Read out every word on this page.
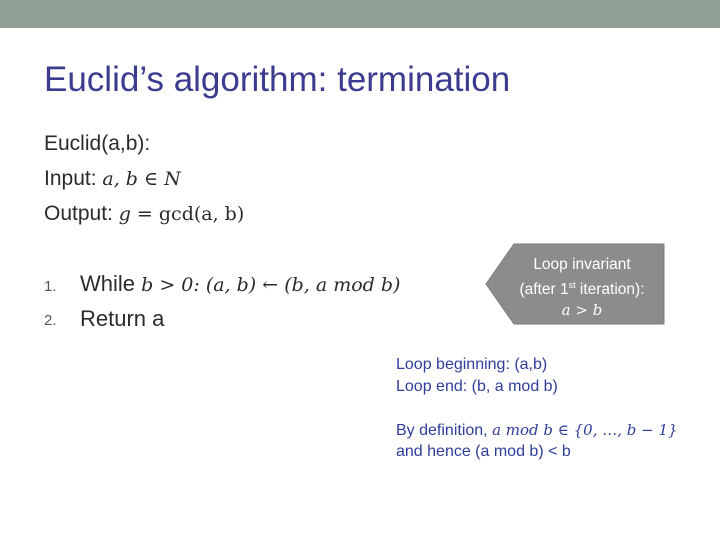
Euclid’s algorithm: termination
Euclid(a,b):
Input: a, b ∈ N
Output: g = gcd(a, b)
1. While b > 0: (a, b) ← (b, a mod b)
2. Return a
Loop invariant
(after 1st iteration):
a > b
Loop beginning: (a,b)
Loop end: (b, a mod b)
By definition, a mod b ∈ {0, …, b − 1}
and hence (a mod b) < b
